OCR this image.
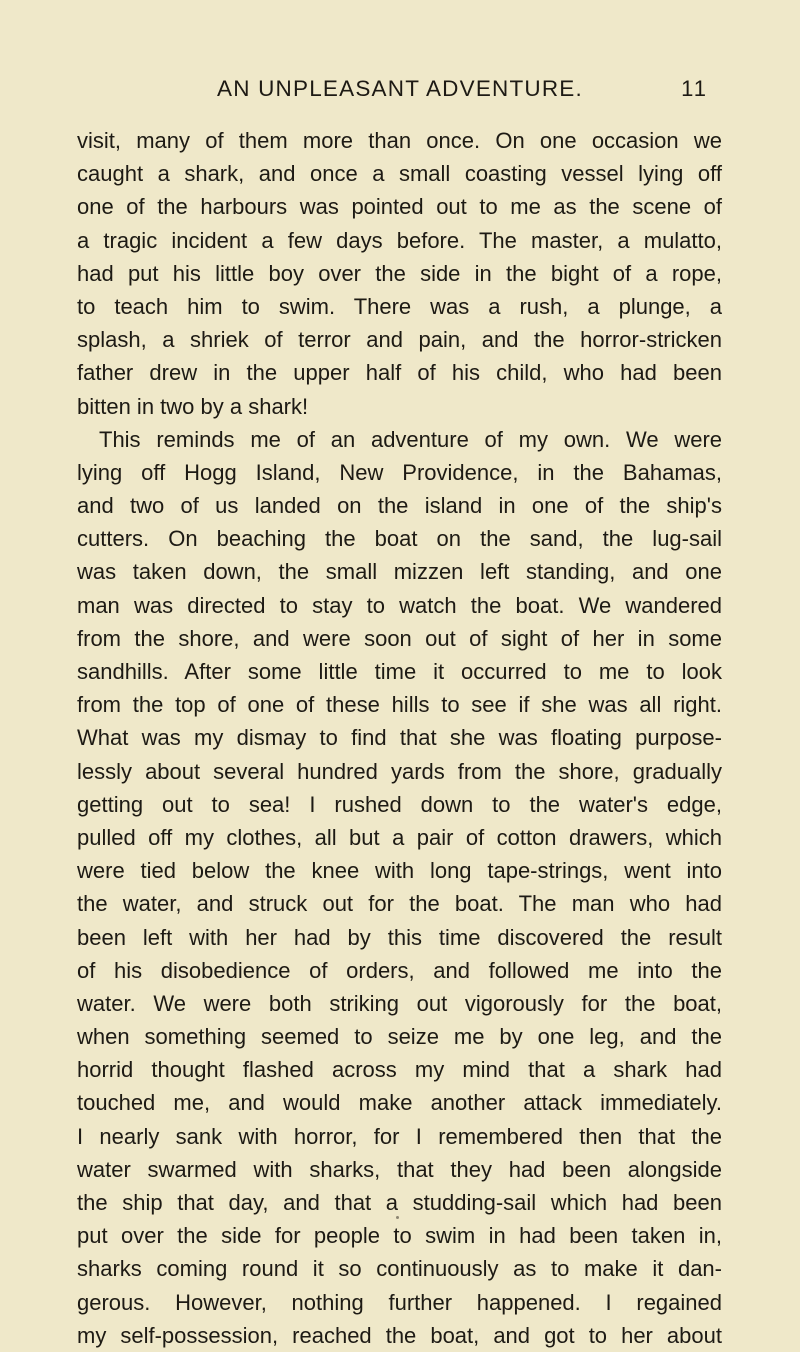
AN UNPLEASANT ADVENTURE.	11
visit, many of them more than once. On one occasion we
caught a shark, and once a small coasting vessel lying off
one of the harbours was pointed out to me as the scene of
a tragic incident a few days before. The master, a mulatto,
had put his little boy over the side in the bight of a rope,
to teach him to swim. There was a rush, a plunge, a
splash, a shriek of terror and pain, and the horror-stricken
father drew in the upper half of his child, who had been
bitten in two by a shark!
This reminds me of an adventure of my own. We were
lying off Hogg Island, New Providence, in the Bahamas,
and two of us landed on the island in one of the ship's
cutters. On beaching the boat on the sand, the lug-sail
was taken down, the small mizzen left standing, and one
man was directed to stay to watch the boat. We wandered
from the shore, and were soon out of sight of her in some
sandhills. After some little time it occurred to me to look
from the top of one of these hills to see if she was all right.
What was my dismay to find that she was floating purpose-
lessly about several hundred yards from the shore, gradually
getting out to sea! I rushed down to the water's edge,
pulled off my clothes, all but a pair of cotton drawers, which
were tied below the knee with long tape-strings, went into
the water, and struck out for the boat. The man who had
been left with her had by this time discovered the result
of his disobedience of orders, and followed me into the
water. We were both striking out vigorously for the boat,
when something seemed to seize me by one leg, and the
horrid thought flashed across my mind that a shark had
touched me, and would make another attack immediately.
I nearly sank with horror, for I remembered then that the
water swarmed with sharks, that they had been alongside
the ship that day, and that a studding-sail which had been
put over the side for people to swim in had been taken in,
sharks coming round it so continuously as to make it dan-
gerous. However, nothing further happened. I regained
my self-possession, reached the boat, and got to her about
